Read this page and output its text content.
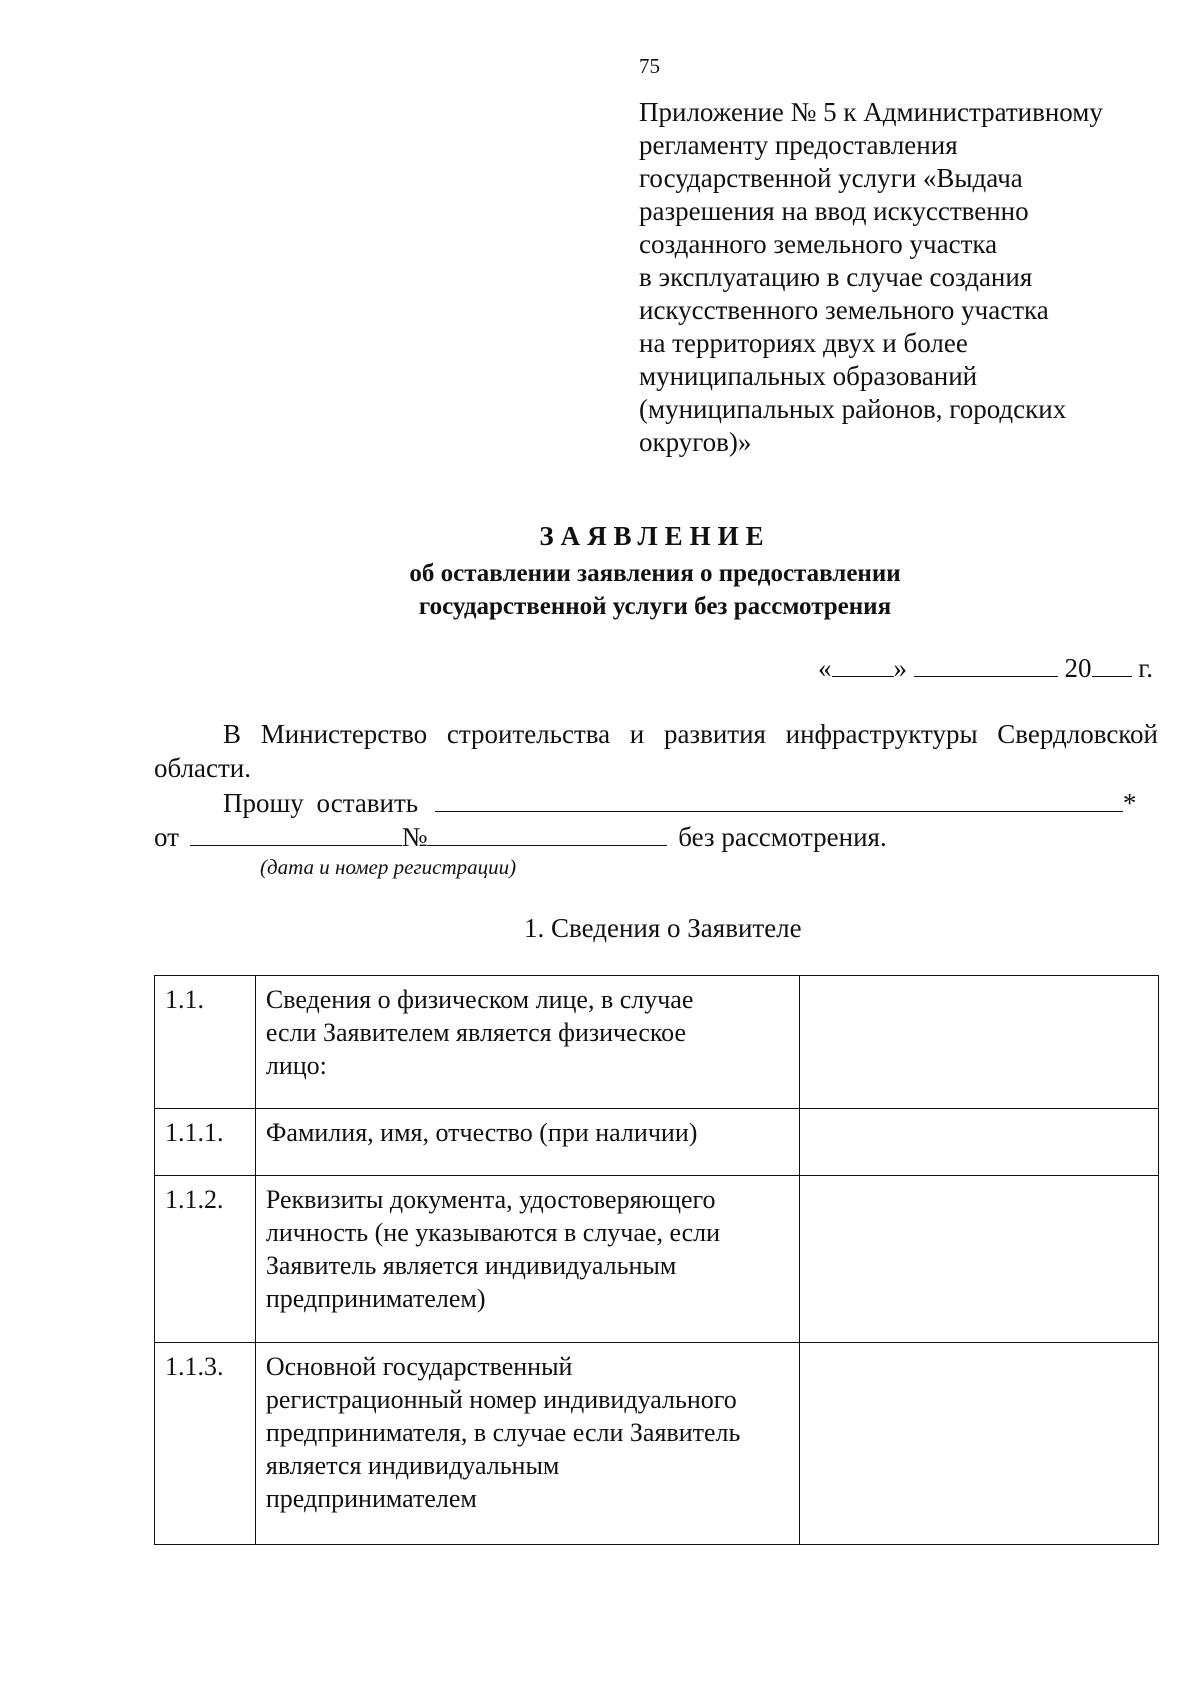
75
Приложение № 5 к Административному
регламенту предоставления
государственной услуги «Выдача
разрешения на ввод искусственно
созданного земельного участка
в эксплуатацию в случае создания
искусственного земельного участка
на территориях двух и более
муниципальных образований
(муниципальных районов, городских
округов)»
ЗАЯВЛЕНИЕ
об оставлении заявления о предоставлении
государственной услуги без рассмотрения
« »	20 г.
В Министерство строительства и развития инфраструктуры Свердловской
области.
Прошу оставить	*
от	№	без рассмотрения.
(дата и номер регистрации)
1. Сведения о Заявителе
1.1.	Сведения о физическом лице, в случае
если Заявителем является физическое
лицо:	

1.1.1.	Фамилия, имя, отчество (при наличии)	

1.1.2.	Реквизиты документа, удостоверяющего
личность (не указываются в случае, если
Заявитель является индивидуальным
предпринимателем)	

1.1.3.	Основной государственный
регистрационный номер индивидуального
предпринимателя, в случае если Заявитель
является индивидуальным
предпринимателем	
